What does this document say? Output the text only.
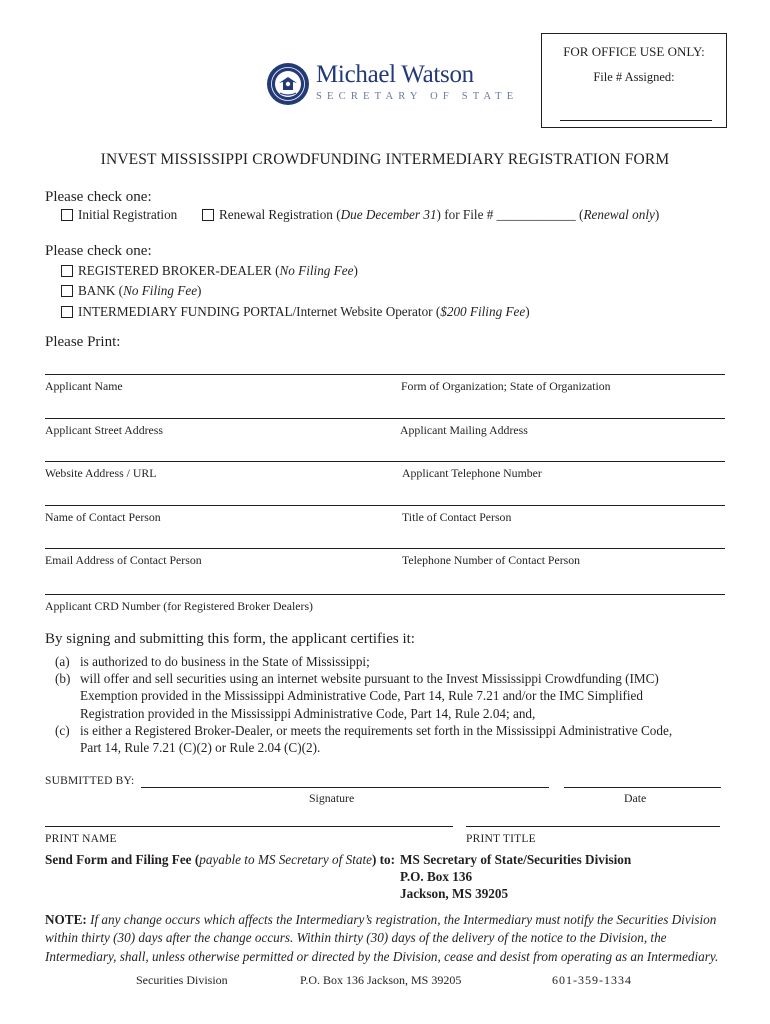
FOR OFFICE USE ONLY:
File # Assigned:
Michael Watson
SECRETARY OF STATE
INVEST MISSISSIPPI CROWDFUNDING INTERMEDIARY REGISTRATION FORM
Please check one:
Initial Registration	Renewal Registration (Due December 31) for File # ____________ (Renewal only)
Please check one:
REGISTERED BROKER-DEALER (No Filing Fee)
BANK (No Filing Fee)
INTERMEDIARY FUNDING PORTAL/Internet Website Operator ($200 Filing Fee)
Please Print:
Applicant Name	Form of Organization; State of Organization
Applicant Street Address	Applicant Mailing Address
Website Address / URL	Applicant Telephone Number
Name of Contact Person	Title of Contact Person
Email Address of Contact Person	Telephone Number of Contact Person
Applicant CRD Number (for Registered Broker Dealers)
By signing and submitting this form, the applicant certifies it:
(a) is authorized to do business in the State of Mississippi;
(b) will offer and sell securities using an internet website pursuant to the Invest Mississippi Crowdfunding (IMC)
Exemption provided in the Mississippi Administrative Code, Part 14, Rule 7.21 and/or the IMC Simplified
Registration provided in the Mississippi Administrative Code, Part 14, Rule 2.04; and,
(c) is either a Registered Broker-Dealer, or meets the requirements set forth in the Mississippi Administrative Code,
Part 14, Rule 7.21 (C)(2) or Rule 2.04 (C)(2).
SUBMITTED BY:
Signature	Date
PRINT NAME	PRINT TITLE
Send Form and Filing Fee (payable to MS Secretary of State) to: MS Secretary of State/Securities Division
P.O. Box 136
Jackson, MS 39205
NOTE: If any change occurs which affects the Intermediary’s registration, the Intermediary must notify the Securities Division within thirty (30) days after the change occurs. Within thirty (30) days of the delivery of the notice to the Division, the Intermediary, shall, unless otherwise permitted or directed by the Division, cease and desist from operating as an Intermediary.
Securities Division	P.O. Box 136 Jackson, MS 39205	601-359-1334
